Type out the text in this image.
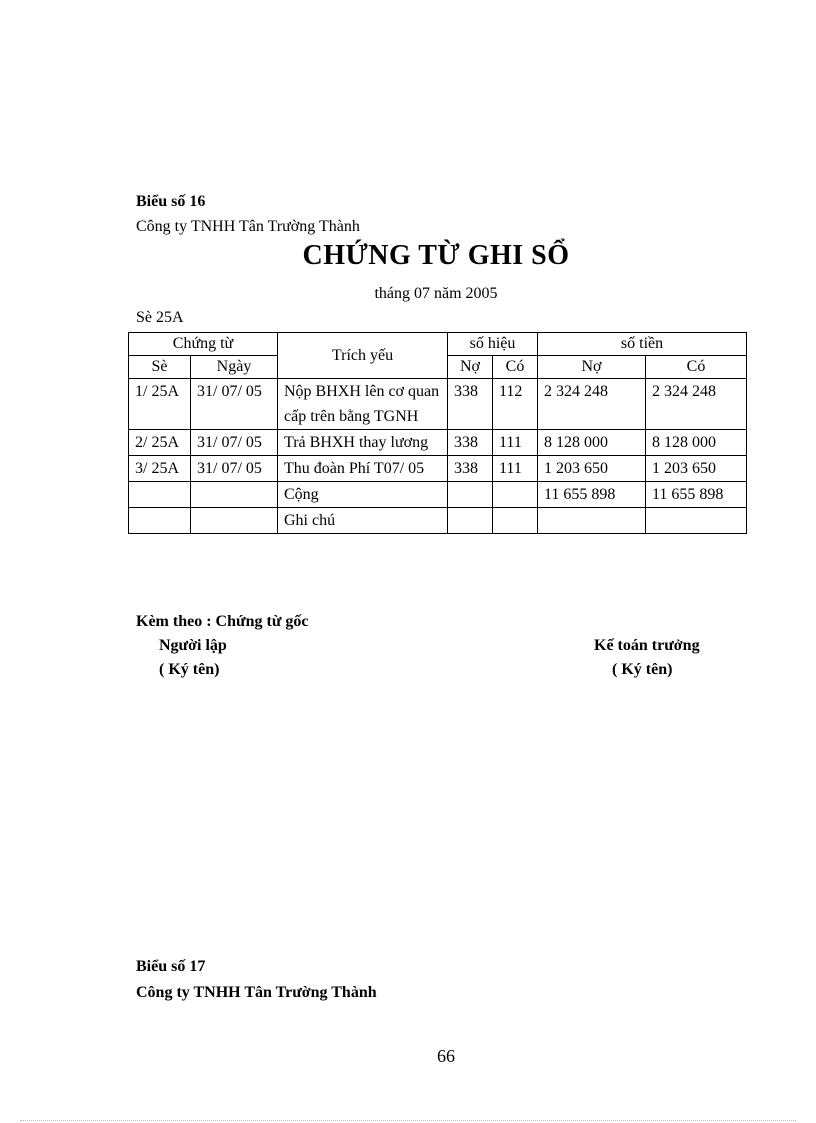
Biểu số 16
Công ty TNHH Tân Trường Thành
CHỨNG TỪ GHI SỔ
tháng 07 năm 2005
Sè 25A
Chứng từ		Trích yếu	số hiệu		số tiền	
Sè	Ngày		Nợ	Có	Nợ	Có
1/ 25A	31/ 07/ 05	Nộp BHXH lên cơ quan cấp trên bằng TGNH	338	112	2 324 248	2 324 248
2/ 25A	31/ 07/ 05	Trả BHXH thay lương	338	111	8 128 000	8 128 000
3/ 25A	31/ 07/ 05	Thu đoàn Phí T07/ 05	338	111	1 203 650	1 203 650
		Cộng			11 655 898	11 655 898
		Ghi chú				
Kèm theo : Chứng từ gốc
Người lập
( Ký tên)
Kế toán trưởng
( Ký tên)
Biểu số 17
Công ty TNHH Tân Trường Thành
66
